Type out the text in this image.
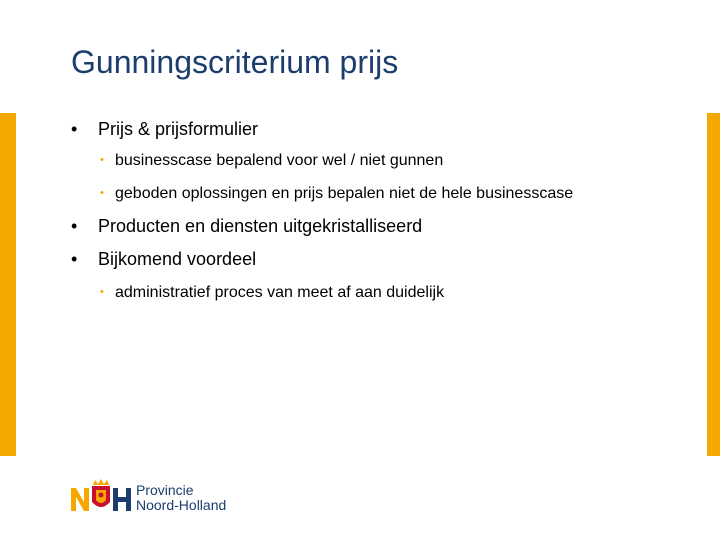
Gunningscriterium prijs
• Prijs & prijsformulier
• businesscase bepalend voor wel / niet gunnen
• geboden oplossingen en prijs bepalen niet de hele businesscase
• Producten en diensten uitgekristalliseerd
• Bijkomend voordeel
• administratief proces van meet af aan duidelijk
Provincie
Noord-Holland
